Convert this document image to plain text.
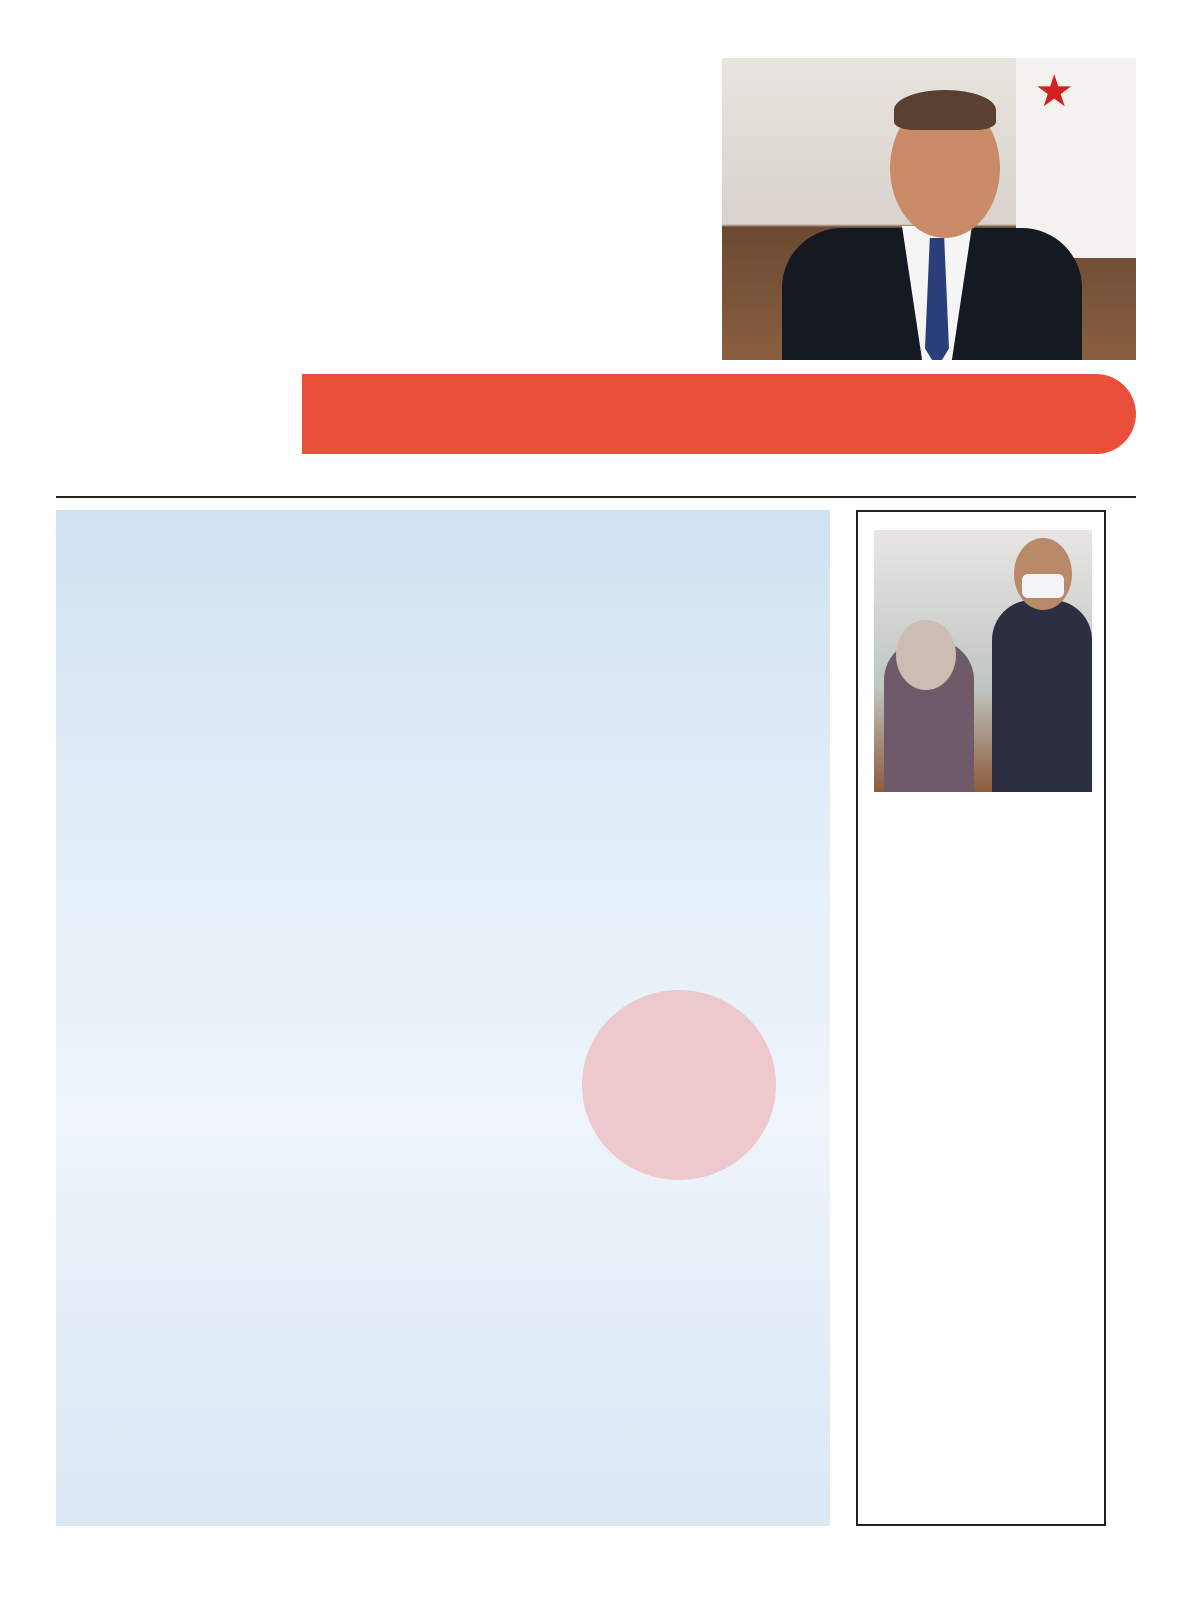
★
